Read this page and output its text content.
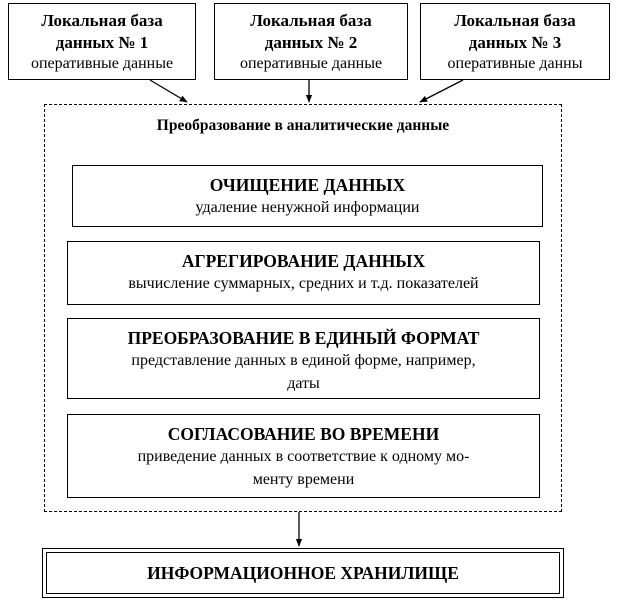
Локальная база
данных № 1
оперативные данные
Локальная база
данных № 2
оперативные данные
Локальная база
данных № 3
оперативные данны
Преобразование в аналитические данные
ОЧИЩЕНИЕ ДАННЫХ
удаление ненужной информации
АГРЕГИРОВАНИЕ ДАННЫХ
вычисление суммарных, средних и т.д. показателей
ПРЕОБРАЗОВАНИЕ В ЕДИНЫЙ ФОРМАТ
представление данных в единой форме, например,
даты
СОГЛАСОВАНИЕ ВО ВРЕМЕНИ
приведение данных в соответствие к одному мо-
менту времени
ИНФОРМАЦИОННОЕ ХРАНИЛИЩЕ
